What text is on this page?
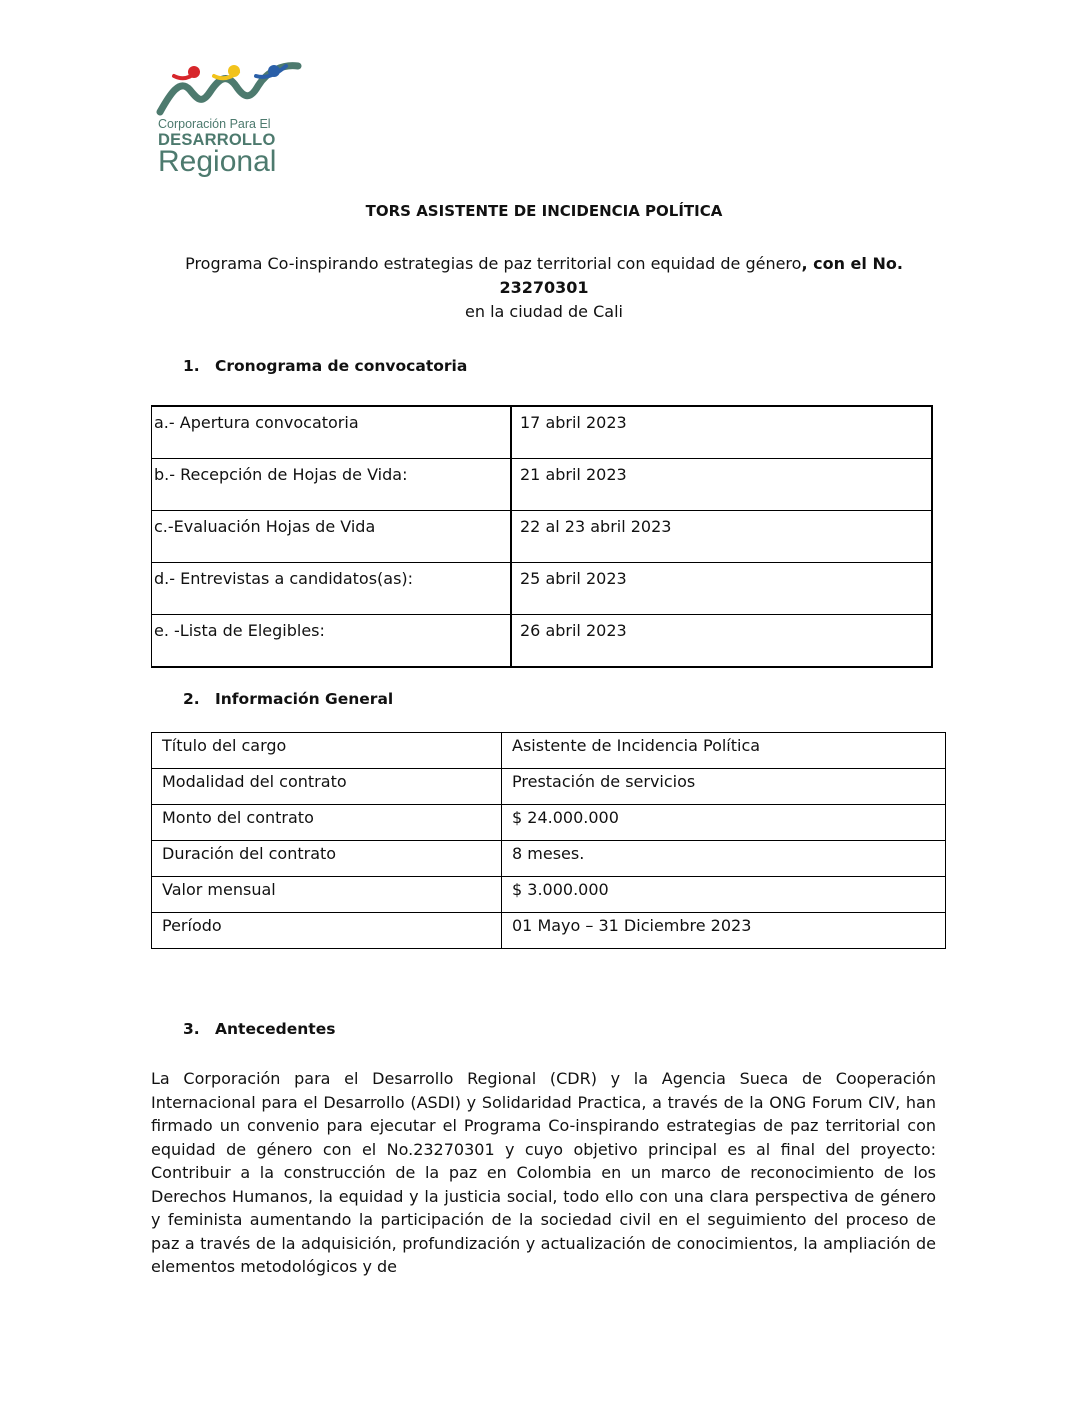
Corporación Para El
DESARROLLO
Regional
TORS ASISTENTE DE INCIDENCIA POLÍTICA
Programa Co-inspirando estrategias de paz territorial con equidad de género, con el No. 23270301
en la ciudad de Cali
1. Cronograma de convocatoria
a.- Apertura convocatoria	17 abril 2023
b.- Recepción de Hojas de Vida:	21 abril 2023
c.-Evaluación Hojas de Vida	22 al 23 abril 2023
d.- Entrevistas a candidatos(as):	25 abril 2023
e. -Lista de Elegibles:	26 abril 2023
2. Información General
Título del cargo	Asistente de Incidencia Política
Modalidad del contrato	Prestación de servicios
Monto del contrato	$ 24.000.000
Duración del contrato	8 meses.
Valor mensual	$ 3.000.000
Período	01 Mayo – 31 Diciembre 2023
3. Antecedentes
La Corporación para el Desarrollo Regional (CDR) y la Agencia Sueca de Cooperación Internacional para el Desarrollo (ASDI) y Solidaridad Practica, a través de la ONG Forum CIV, han firmado un convenio para ejecutar el Programa Co-inspirando estrategias de paz territorial con equidad de género con el No.23270301 y cuyo objetivo principal es al final del proyecto: Contribuir a la construcción de la paz en Colombia en un marco de reconocimiento de los Derechos Humanos, la equidad y la justicia social, todo ello con una clara perspectiva de género y feminista aumentando la participación de la sociedad civil en el seguimiento del proceso de paz a través de la adquisición, profundización y actualización de conocimientos, la ampliación de elementos metodológicos y de
